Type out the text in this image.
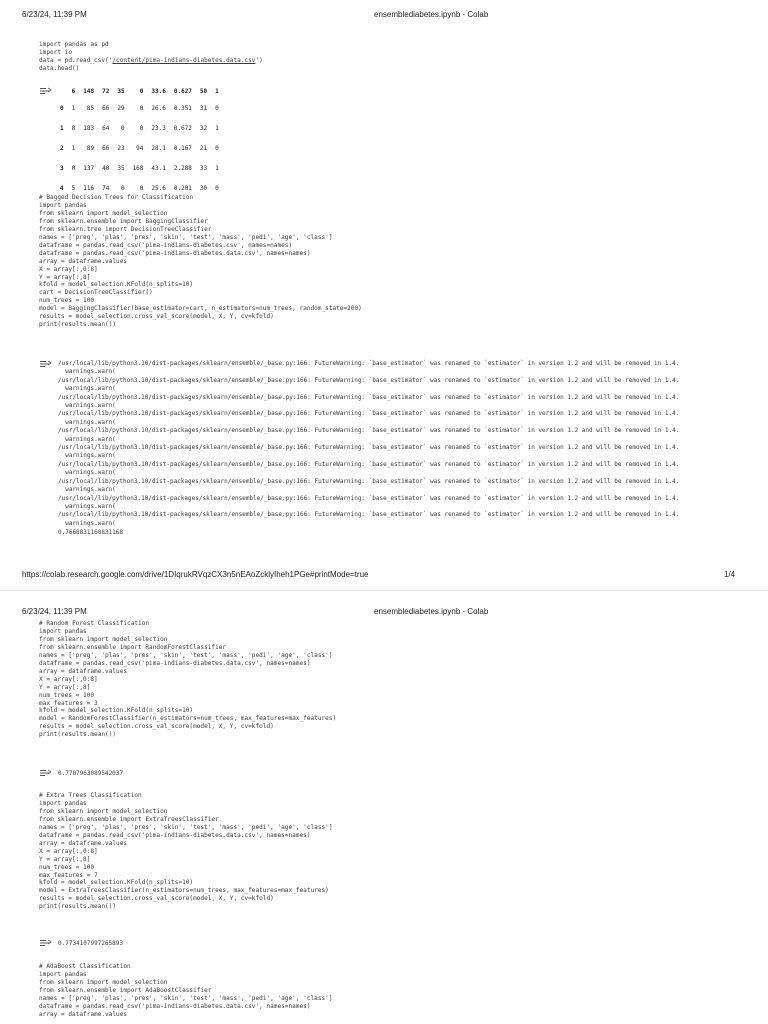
6/23/24, 11:39 PM	ensemblediabetes.ipynb - Colab
import pandas as pd
import io
data = pd.read_csv('/content/pima-indians-diabetes.data.csv')
data.head()
	6	148	72	35	0	33.6	0.627	50	1
0	1	85	66	29	0	26.6	0.351	31	0
1	8	183	64	0	0	23.3	0.672	32	1
2	1	89	66	23	94	28.1	0.167	21	0
3	0	137	40	35	168	43.1	2.288	33	1
4	5	116	74	0	0	25.6	0.201	30	0
# Bagged Decision Trees for Classification
import pandas
from sklearn import model_selection
from sklearn.ensemble import BaggingClassifier
from sklearn.tree import DecisionTreeClassifier
names = ['preg', 'plas', 'pres', 'skin', 'test', 'mass', 'pedi', 'age', 'class']
dataframe = pandas.read_csv('pima-indians-diabetes.csv', names=names)
dataframe = pandas.read_csv('pima-indians-diabetes.data.csv', names=names)
array = dataframe.values
X = array[:,0:8]
Y = array[:,8]
kfold = model_selection.KFold(n_splits=10)
cart = DecisionTreeClassifier()
num_trees = 100
model = BaggingClassifier(base_estimator=cart, n_estimators=num_trees, random_state=200)
results = model_selection.cross_val_score(model, X, Y, cv=kfold)
print(results.mean())
/usr/local/lib/python3.10/dist-packages/sklearn/ensemble/_base.py:166: FutureWarning: `base_estimator` was renamed to `estimator` in version 1.2 and will be removed in 1.4.
warnings.warn(
/usr/local/lib/python3.10/dist-packages/sklearn/ensemble/_base.py:166: FutureWarning: `base_estimator` was renamed to `estimator` in version 1.2 and will be removed in 1.4.
warnings.warn(
/usr/local/lib/python3.10/dist-packages/sklearn/ensemble/_base.py:166: FutureWarning: `base_estimator` was renamed to `estimator` in version 1.2 and will be removed in 1.4.
warnings.warn(
/usr/local/lib/python3.10/dist-packages/sklearn/ensemble/_base.py:166: FutureWarning: `base_estimator` was renamed to `estimator` in version 1.2 and will be removed in 1.4.
warnings.warn(
/usr/local/lib/python3.10/dist-packages/sklearn/ensemble/_base.py:166: FutureWarning: `base_estimator` was renamed to `estimator` in version 1.2 and will be removed in 1.4.
warnings.warn(
/usr/local/lib/python3.10/dist-packages/sklearn/ensemble/_base.py:166: FutureWarning: `base_estimator` was renamed to `estimator` in version 1.2 and will be removed in 1.4.
warnings.warn(
/usr/local/lib/python3.10/dist-packages/sklearn/ensemble/_base.py:166: FutureWarning: `base_estimator` was renamed to `estimator` in version 1.2 and will be removed in 1.4.
warnings.warn(
/usr/local/lib/python3.10/dist-packages/sklearn/ensemble/_base.py:166: FutureWarning: `base_estimator` was renamed to `estimator` in version 1.2 and will be removed in 1.4.
warnings.warn(
/usr/local/lib/python3.10/dist-packages/sklearn/ensemble/_base.py:166: FutureWarning: `base_estimator` was renamed to `estimator` in version 1.2 and will be removed in 1.4.
warnings.warn(
/usr/local/lib/python3.10/dist-packages/sklearn/ensemble/_base.py:166: FutureWarning: `base_estimator` was renamed to `estimator` in version 1.2 and will be removed in 1.4.
warnings.warn(
0.7668831168831168
https://colab.research.google.com/drive/1DIqrukRVqzCX3n5nEAoZcklyIheh1PGe#printMode=true	1/4
6/23/24, 11:39 PM	ensemblediabetes.ipynb - Colab
# Random Forest Classification
import pandas
from sklearn import model_selection
from sklearn.ensemble import RandomForestClassifier
names = ['preg', 'plas', 'pres', 'skin', 'test', 'mass', 'pedi', 'age', 'class']
dataframe = pandas.read_csv('pima-indians-diabetes.data.csv', names=names)
array = dataframe.values
X = array[:,0:8]
Y = array[:,8]
num_trees = 100
max_features = 3
kfold = model_selection.KFold(n_splits=10)
model = RandomForestClassifier(n_estimators=num_trees, max_features=max_features)
results = model_selection.cross_val_score(model, X, Y, cv=kfold)
print(results.mean())
0.7707963089542037
# Extra Trees Classification
import pandas
from sklearn import model_selection
from sklearn.ensemble import ExtraTreesClassifier
names = ['preg', 'plas', 'pres', 'skin', 'test', 'mass', 'pedi', 'age', 'class']
dataframe = pandas.read_csv('pima-indians-diabetes.data.csv', names=names)
array = dataframe.values
X = array[:,0:8]
Y = array[:,8]
num_trees = 100
max_features = 7
kfold = model_selection.KFold(n_splits=10)
model = ExtraTreesClassifier(n_estimators=num_trees, max_features=max_features)
results = model_selection.cross_val_score(model, X, Y, cv=kfold)
print(results.mean())
0.7734107997265893
# AdaBoost Classification
import pandas
from sklearn import model_selection
from sklearn.ensemble import AdaBoostClassifier
names = ['preg', 'plas', 'pres', 'skin', 'test', 'mass', 'pedi', 'age', 'class']
dataframe = pandas.read_csv('pima-indians-diabetes.data.csv', names=names)
array = dataframe.values
